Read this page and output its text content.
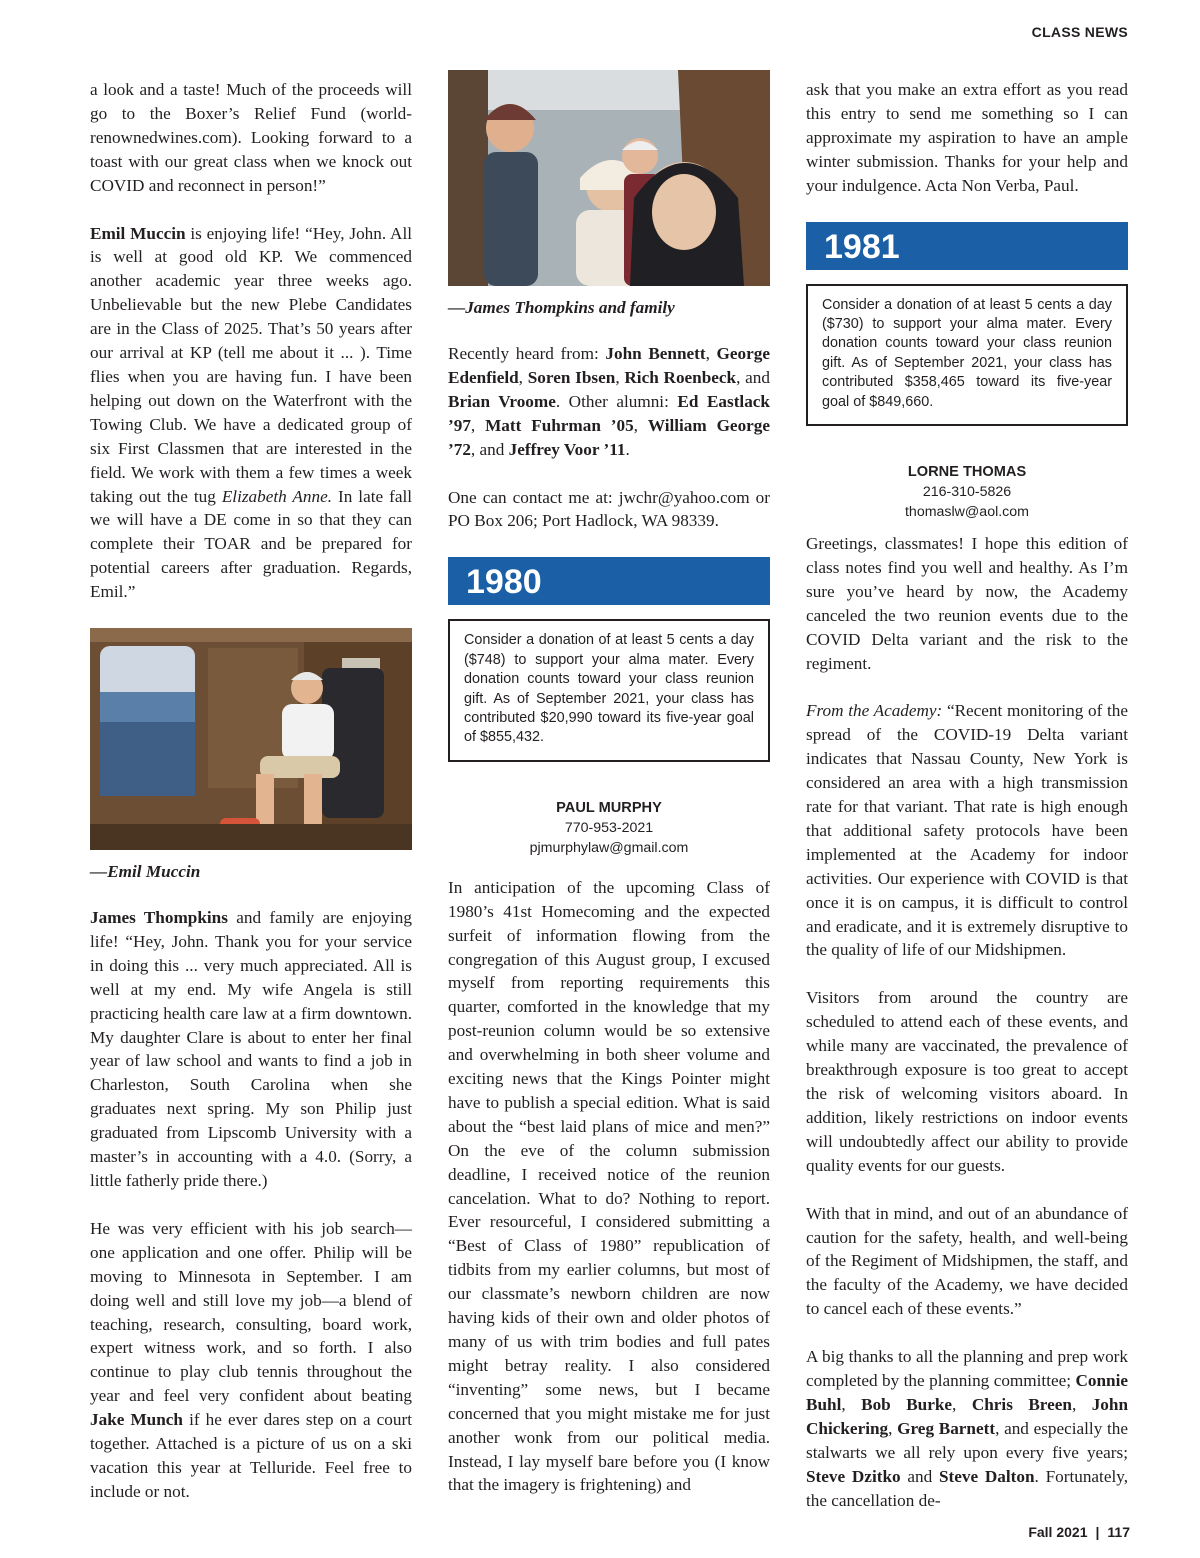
CLASS NEWS

a look and a taste! Much of the proceeds will go to the Boxer’s Relief Fund (world-renownedwines.com). Looking forward to a toast with our great class when we knock out COVID and reconnect in person!”

Emil Muccin is enjoying life! “Hey, John. All is well at good old KP. We commenced another academic year three weeks ago. Unbelievable but the new Plebe Candidates are in the Class of 2025. That’s 50 years after our arrival at KP (tell me about it ... ). Time flies when you are having fun. I have been helping out down on the Waterfront with the Towing Club. We have a dedicated group of six First Classmen that are interested in the field. We work with them a few times a week taking out the tug Elizabeth Anne. In late fall we will have a DE come in so that they can complete their TOAR and be prepared for potential careers after graduation. Regards, Emil.”

—Emil Muccin

James Thompkins and family are enjoying life! “Hey, John. Thank you for your service in doing this ... very much appreciated. All is well at my end. My wife Angela is still practicing health care law at a firm downtown. My daughter Clare is about to enter her final year of law school and wants to find a job in Charleston, South Carolina when she graduates next spring. My son Philip just graduated from Lipscomb University with a master’s in accounting with a 4.0. (Sorry, a little fatherly pride there.)

He was very efficient with his job search—one application and one offer. Philip will be moving to Minnesota in September. I am doing well and still love my job—a blend of teaching, research, consulting, board work, expert witness work, and so forth. I also continue to play club tennis throughout the year and feel very confident about beating Jake Munch if he ever dares step on a court together. Attached is a picture of us on a ski vacation this year at Telluride. Feel free to include or not.

—James Thompkins and family

Recently heard from: John Bennett, George Edenfield, Soren Ibsen, Rich Roenbeck, and Brian Vroome. Other alumni: Ed Eastlack ’97, Matt Fuhrman ’05, William George ’72, and Jeffrey Voor ’11.

One can contact me at: jwchr@yahoo.com or PO Box 206; Port Hadlock, WA 98339.

1980
Consider a donation of at least 5 cents a day ($748) to support your alma mater. Every donation counts toward your class reunion gift. As of September 2021, your class has contributed $20,990 toward its five-year goal of $855,432.
PAUL MURPHY
770-953-2021
pjmurphylaw@gmail.com

In anticipation of the upcoming Class of 1980’s 41st Homecoming and the expected surfeit of information flowing from the congregation of this August group, I excused myself from reporting requirements this quarter, comforted in the knowledge that my post-reunion column would be so extensive and overwhelming in both sheer volume and exciting news that the Kings Pointer might have to publish a special edition. What is said about the “best laid plans of mice and men?” On the eve of the column submission deadline, I received notice of the reunion cancelation. What to do? Nothing to report. Ever resourceful, I considered submitting a “Best of Class of 1980” republication of tidbits from my earlier columns, but most of our classmate’s newborn children are now having kids of their own and older photos of many of us with trim bodies and full pates might betray reality. I also considered “inventing” some news, but I became concerned that you might mistake me for just another wonk from our political media. Instead, I lay myself bare before you (I know that the imagery is frightening) and

ask that you make an extra effort as you read this entry to send me something so I can approximate my aspiration to have an ample winter submission. Thanks for your help and your indulgence. Acta Non Verba, Paul.

1981
Consider a donation of at least 5 cents a day ($730) to support your alma mater. Every donation counts toward your class reunion gift. As of September 2021, your class has contributed $358,465 toward its five-year goal of $849,660.
LORNE THOMAS
216-310-5826
thomaslw@aol.com

Greetings, classmates! I hope this edition of class notes find you well and healthy. As I’m sure you’ve heard by now, the Academy canceled the two reunion events due to the COVID Delta variant and the risk to the regiment.

From the Academy: “Recent monitoring of the spread of the COVID-19 Delta variant indicates that Nassau County, New York is considered an area with a high transmission rate for that variant. That rate is high enough that additional safety protocols have been implemented at the Academy for indoor activities. Our experience with COVID is that once it is on campus, it is difficult to control and eradicate, and it is extremely disruptive to the quality of life of our Midshipmen.

Visitors from around the country are scheduled to attend each of these events, and while many are vaccinated, the prevalence of breakthrough exposure is too great to accept the risk of welcoming visitors aboard. In addition, likely restrictions on indoor events will undoubtedly affect our ability to provide quality events for our guests.

With that in mind, and out of an abundance of caution for the safety, health, and well-being of the Regiment of Midshipmen, the staff, and the faculty of the Academy, we have decided to cancel each of these events.”

A big thanks to all the planning and prep work completed by the planning committee; Connie Buhl, Bob Burke, Chris Breen, John Chickering, Greg Barnett, and especially the stalwarts we all rely upon every five years; Steve Dzitko and Steve Dalton. Fortunately, the cancellation de-

Fall 2021 | 117
